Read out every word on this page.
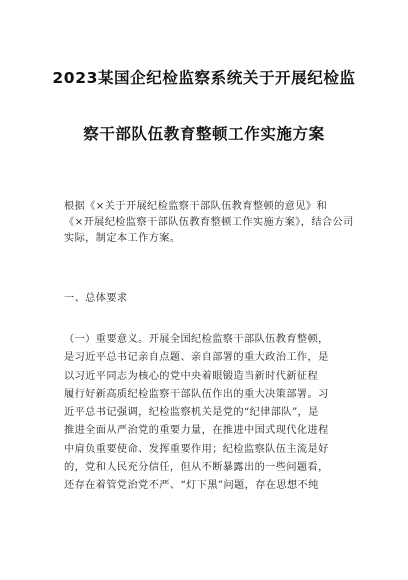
2023某国企纪检监察系统关于开展纪检监
察干部队伍教育整顿工作实施方案
根据《×关于开展纪检监察干部队伍教育整顿的意见》和
《×开展纪检监察干部队伍教育整顿工作实施方案》，结合公司
实际，制定本工作方案。
一、总体要求
（一）重要意义。开展全国纪检监察干部队伍教育整顿，
是习近平总书记亲自点题、亲自部署的重大政治工作，是
以习近平同志为核心的党中央着眼锻造当新时代新征程
履行好新高质纪检监察干部队伍作出的重大决策部署。习
近平总书记强调，纪检监察机关是党的“纪律部队”，是
推进全面从严治党的重要力量，在推进中国式现代化进程
中肩负重要使命、发挥重要作用；纪检监察队伍主流是好
的，党和人民充分信任，但从不断暴露出的一些问题看，
还存在着管党治党不严、“灯下黑”问题，存在思想不纯
